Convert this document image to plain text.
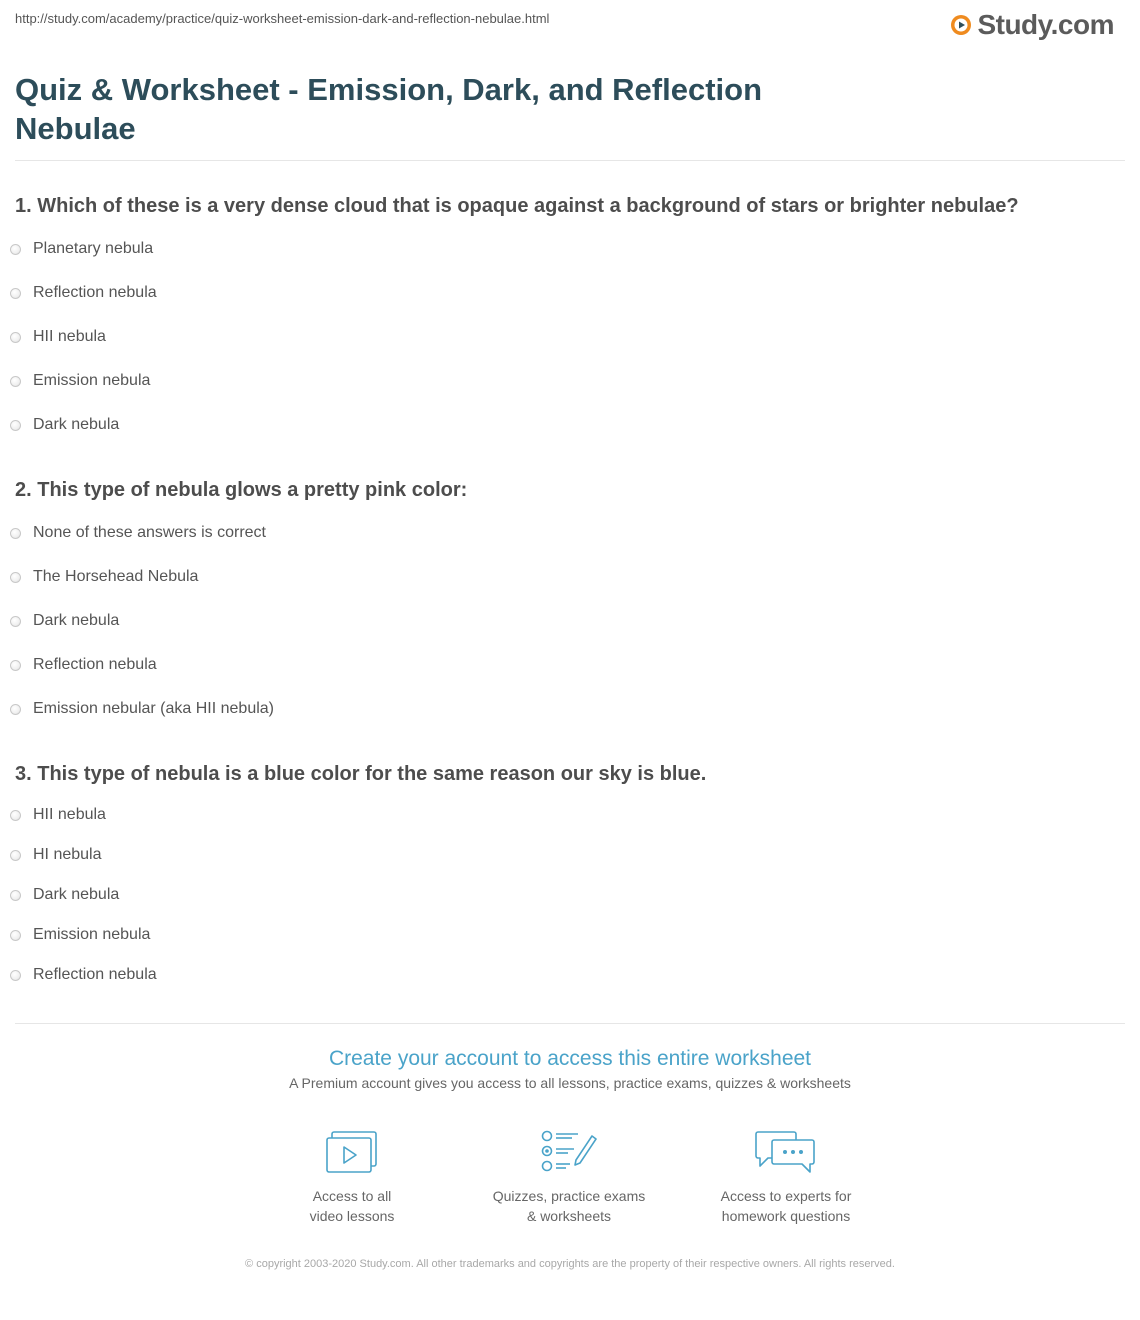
http://study.com/academy/practice/quiz-worksheet-emission-dark-and-reflection-nebulae.html	Study.com
Quiz & Worksheet - Emission, Dark, and Reflection Nebulae

1. Which of these is a very dense cloud that is opaque against a background of stars or brighter nebulae?

Planetary nebula
Reflection nebula
HII nebula
Emission nebula
Dark nebula

2. This type of nebula glows a pretty pink color:

None of these answers is correct
The Horsehead Nebula
Dark nebula
Reflection nebula
Emission nebular (aka HII nebula)

3. This type of nebula is a blue color for the same reason our sky is blue.

HII nebula
HI nebula
Dark nebula
Emission nebula
Reflection nebula

Create your account to access this entire worksheet

A Premium account gives you access to all lessons, practice exams, quizzes & worksheets

Access to all
video lessons
Quizzes, practice exams
& worksheets
Access to experts for
homework questions
© copyright 2003-2020 Study.com. All other trademarks and copyrights are the property of their respective owners. All rights reserved.
